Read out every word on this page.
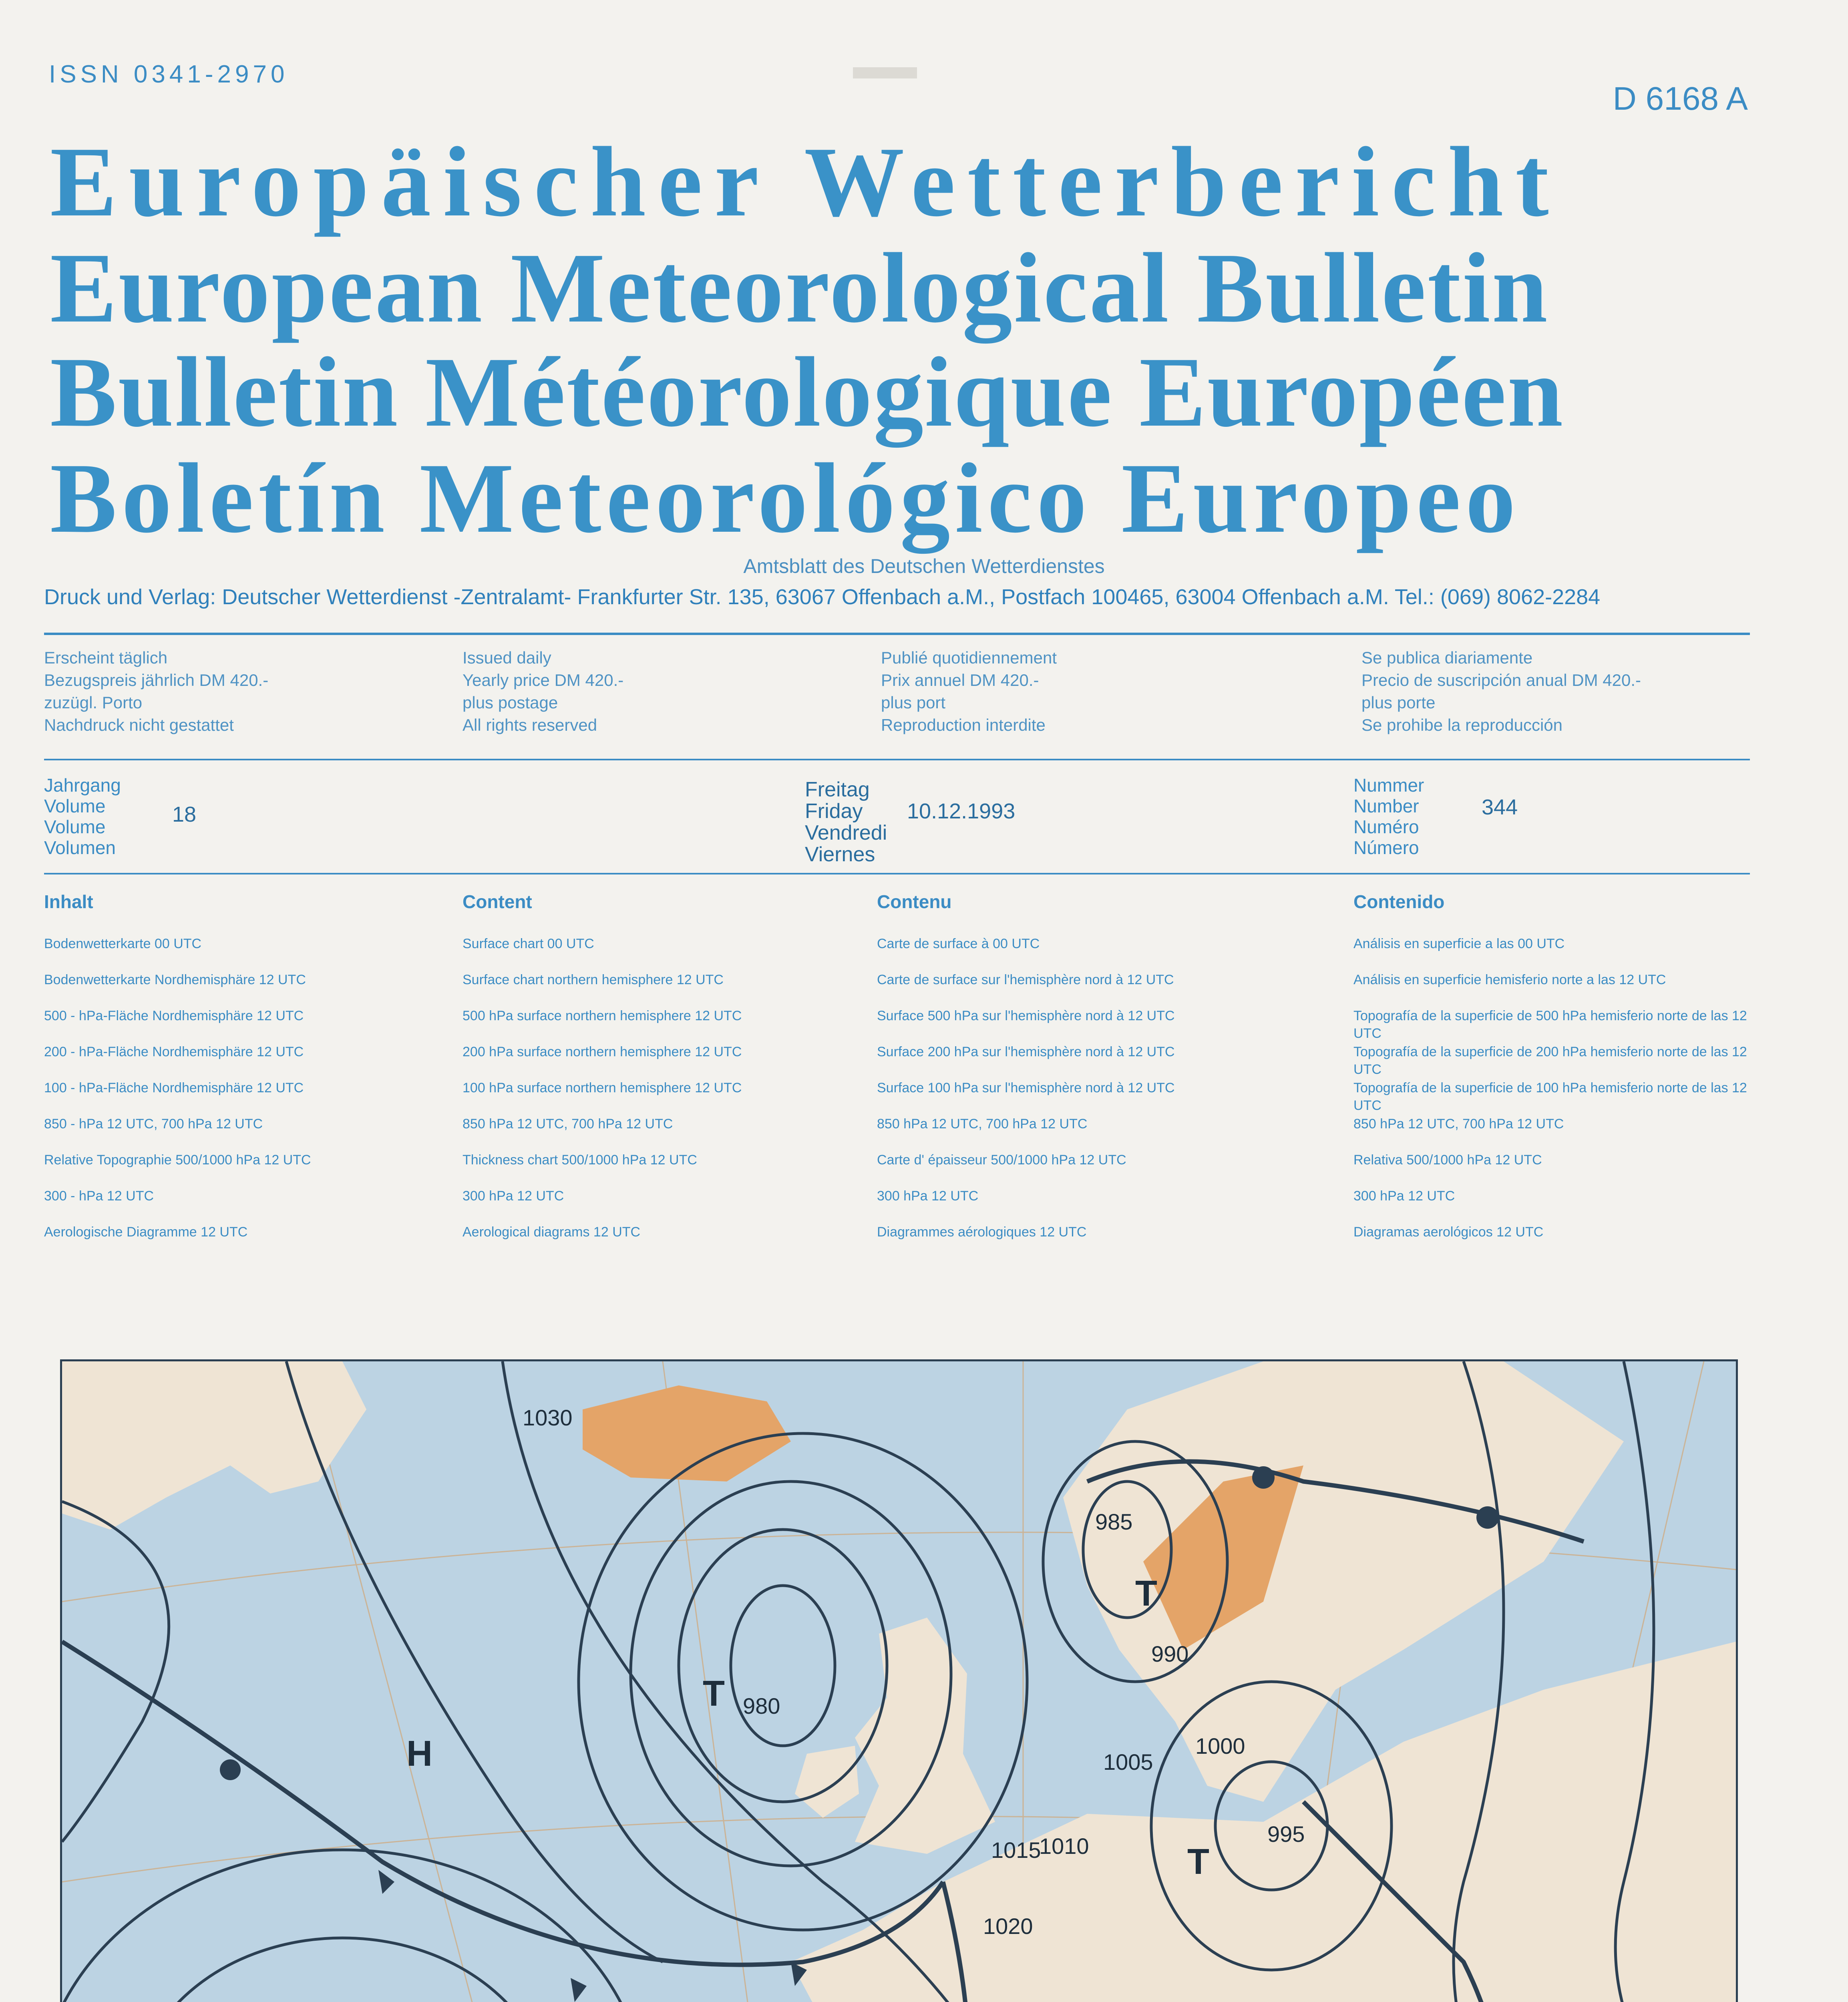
ISSN 0341-2970
D 6168 A
Europäischer Wetterbericht
European Meteorological Bulletin
Bulletin Météorologique Européen
Boletín Meteorológico Europeo
Amtsblatt des Deutschen Wetterdienstes
Druck und Verlag: Deutscher Wetterdienst -Zentralamt- Frankfurter Str. 135, 63067 Offenbach a.M., Postfach 100465, 63004 Offenbach a.M. Tel.: (069) 8062-2284
Erscheint täglich
Bezugspreis jährlich DM 420.-
zuzügl. Porto
Nachdruck nicht gestattet
Issued daily
Yearly price DM 420.-
plus postage
All rights reserved
Publié quotidiennement
Prix annuel DM 420.-
plus port
Reproduction interdite
Se publica diariamente
Precio de suscripción anual DM 420.-
plus porte
Se prohibe la reproducción
Jahrgang
Volume
Volume
Volumen
18
Freitag
Friday
Vendredi
Viernes
10.12.1993
Nummer
Number
Numéro
Número
344
Inhalt	Content	Contenu	Contenido
Bodenwetterkarte 00 UTC	Surface chart 00 UTC	Carte de surface à 00 UTC	Análisis en superficie a las 00 UTC
Bodenwetterkarte Nordhemisphäre 12 UTC	Surface chart northern hemisphere 12 UTC	Carte de surface sur l'hemisphère nord à 12 UTC	Análisis en superficie hemisferio norte a las 12 UTC
500 - hPa-Fläche Nordhemisphäre 12 UTC	500 hPa surface northern hemisphere 12 UTC	Surface 500 hPa sur l'hemisphère nord à 12 UTC	Topografía de la superficie de 500 hPa hemisferio norte de las 12 UTC
200 - hPa-Fläche Nordhemisphäre 12 UTC	200 hPa surface northern hemisphere 12 UTC	Surface 200 hPa sur l'hemisphère nord à 12 UTC	Topografía de la superficie de 200 hPa hemisferio norte de las 12 UTC
100 - hPa-Fläche Nordhemisphäre 12 UTC	100 hPa surface northern hemisphere 12 UTC	Surface 100 hPa sur l'hemisphère nord à 12 UTC	Topografía de la superficie de 100 hPa hemisferio norte de las 12 UTC
850 - hPa 12 UTC, 700 hPa 12 UTC	850 hPa 12 UTC, 700 hPa 12 UTC	850 hPa 12 UTC, 700 hPa 12 UTC	850 hPa 12 UTC, 700 hPa 12 UTC
Relative Topographie 500/1000 hPa 12 UTC	Thickness chart 500/1000 hPa 12 UTC	Carte d' épaisseur 500/1000 hPa 12 UTC	Relativa 500/1000 hPa 12 UTC
300 - hPa 12 UTC	300 hPa 12 UTC	300 hPa 12 UTC	300 hPa 12 UTC
Aerologische Diagramme 12 UTC	Aerological diagrams 12 UTC	Diagrammes aérologiques 12 UTC	Diagramas aerológicos 12 UTC
1020
1015
1010
1005
1000
995
990
985
980
1030
H
T
T
T
